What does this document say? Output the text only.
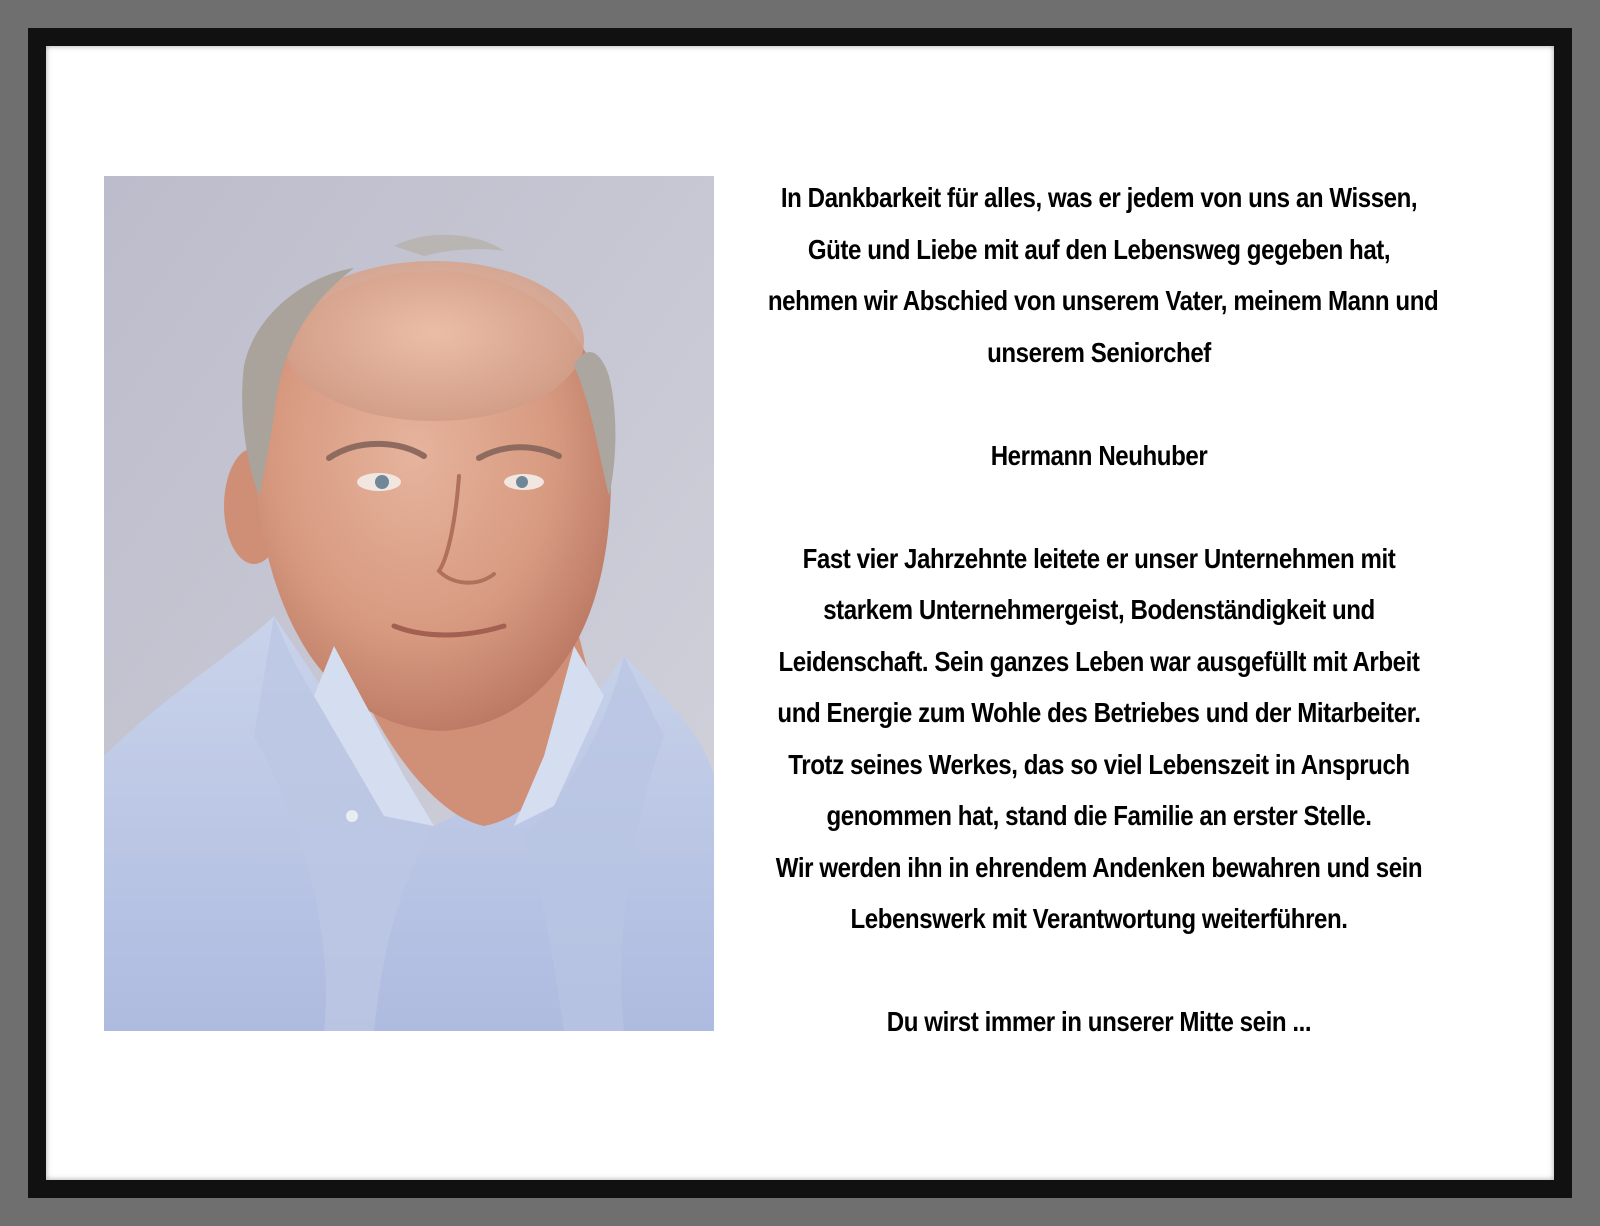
In Dankbarkeit für alles, was er jedem von uns an Wissen,
Güte und Liebe mit auf den Lebensweg gegeben hat,
nehmen wir Abschied von unserem Vater, meinem Mann und
unserem Seniorchef

Hermann Neuhuber

Fast vier Jahrzehnte leitete er unser Unternehmen mit
starkem Unternehmergeist, Bodenständigkeit und
Leidenschaft. Sein ganzes Leben war ausgefüllt mit Arbeit
und Energie zum Wohle des Betriebes und der Mitarbeiter.
Trotz seines Werkes, das so viel Lebenszeit in Anspruch
genommen hat, stand die Familie an erster Stelle.
Wir werden ihn in ehrendem Andenken bewahren und sein
Lebenswerk mit Verantwortung weiterführen.

Du wirst immer in unserer Mitte sein ...
